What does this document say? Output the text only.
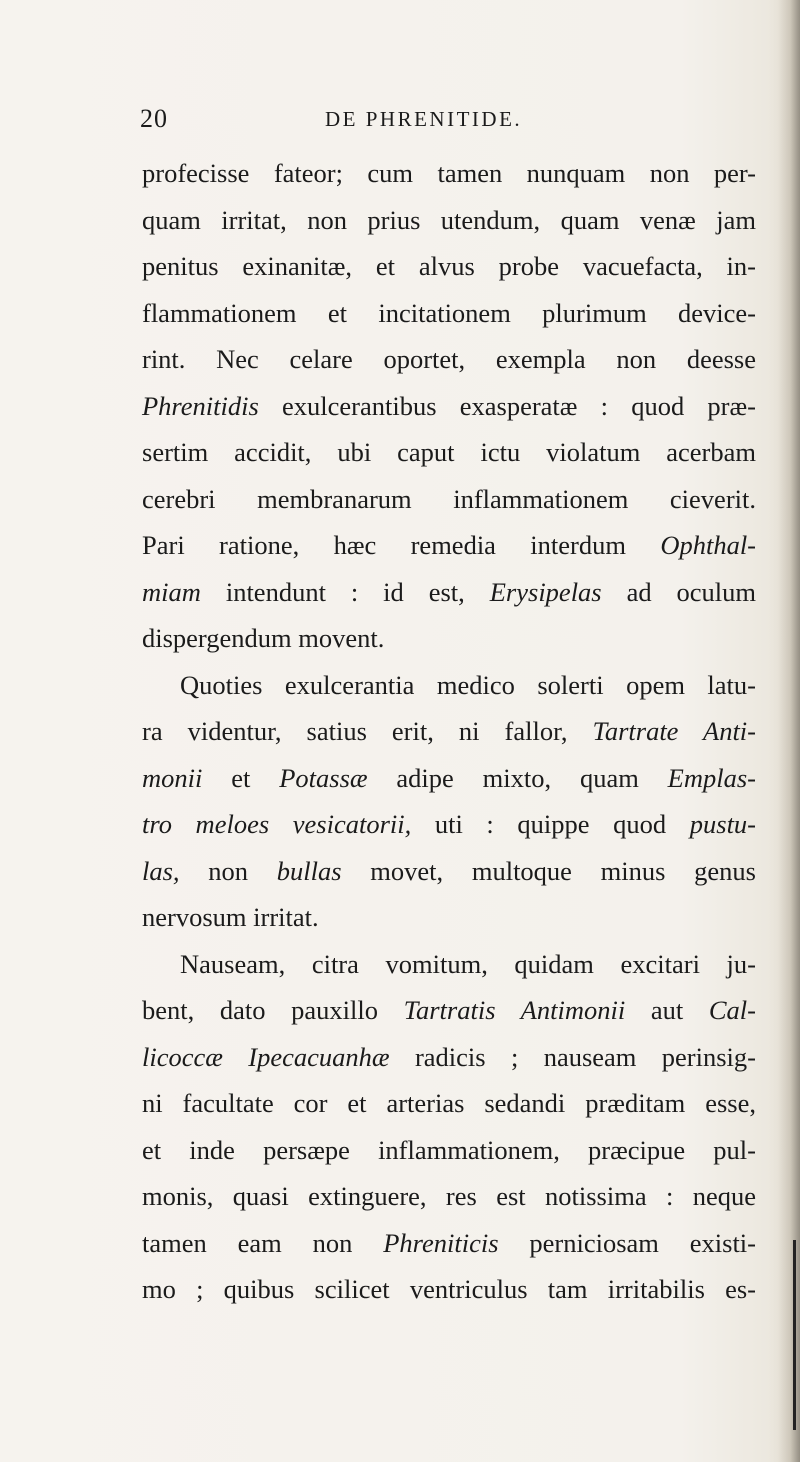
20	DE PHRENITIDE.
profecisse fateor; cum tamen nunquam non per-
quam irritat, non prius utendum, quam venæ jam
penitus exinanitæ, et alvus probe vacuefacta, in-
flammationem et incitationem plurimum device-
rint. Nec celare oportet, exempla non deesse
Phrenitidis exulcerantibus exasperatæ : quod præ-
sertim accidit, ubi caput ictu violatum acerbam
cerebri membranarum inflammationem cieverit.
Pari ratione, hæc remedia interdum Ophthal-
miam intendunt : id est, Erysipelas ad oculum
dispergendum movent.
Quoties exulcerantia medico solerti opem latu-
ra videntur, satius erit, ni fallor, Tartrate Anti-
monii et Potassæ adipe mixto, quam Emplas-
tro meloes vesicatorii, uti : quippe quod pustu-
las, non bullas movet, multoque minus genus
nervosum irritat.
Nauseam, citra vomitum, quidam excitari ju-
bent, dato pauxillo Tartratis Antimonii aut Cal-
licoccæ Ipecacuanhæ radicis ; nauseam perinsig-
ni facultate cor et arterias sedandi præditam esse,
et inde persæpe inflammationem, præcipue pul-
monis, quasi extinguere, res est notissima : neque
tamen eam non Phreniticis perniciosam existi-
mo ; quibus scilicet ventriculus tam irritabilis es-
